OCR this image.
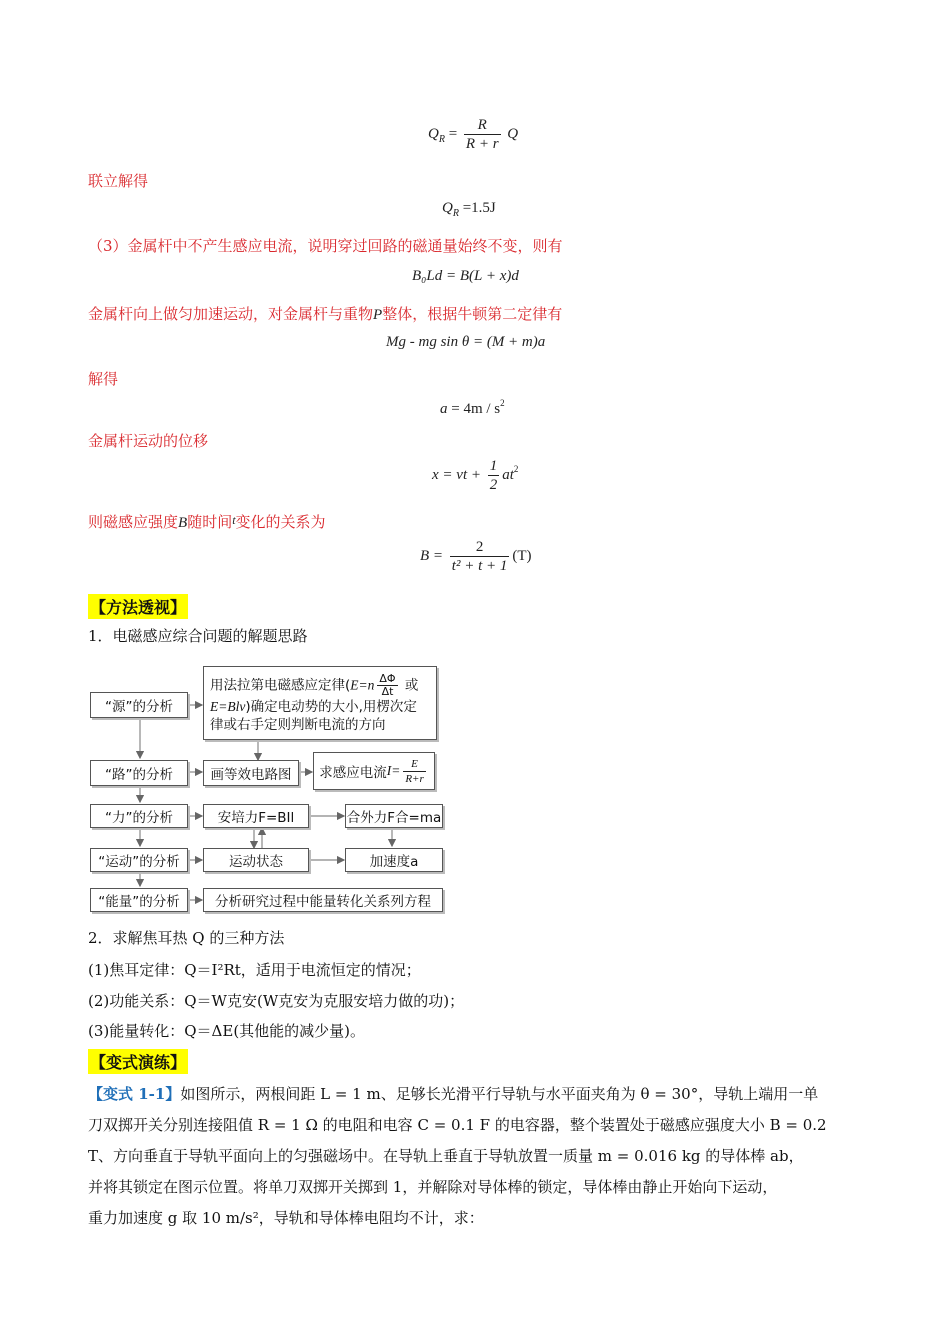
$Q_R = \frac{R}{R + r}$ Q
联立解得
$Q_R =1.5J$
（3）金属杆中不产生感应电流，说明穿过回路的磁通量始终不变，则有
B₀Ld = B(L + x)d
金属杆向上做匀加速运动，对金属杆与重物P整体，根据牛顿第二定律有
Mg - mg sin θ = (M + m)a
解得
$a = 4m / s^2$
金属杆运动的位移
x = vt + $\frac{1}{2} at^2$
则磁感应强度B随时间$^t$变化的关系为
$B = \frac{2}{\text{t² + t + 1}} (T)$
【方法透视】
1．电磁感应综合问题的解题思路
“源”的分析
用法拉第电磁感应定律($E=n \frac{\Delta\Phi}{\Delta t}$ 或
E=Blv)确定电动势的大小,用楞次定
律或右手定则判断电流的方向
“路”的分析	画等效电路图	求感应电流 $I= \frac{E}{R+r}$
“力”的分析	安培力F=BIl	合外力F合=ma
“运动”的分析	运动状态	加速度a
“能量”的分析	分析研究过程中能量转化关系列方程
2．求解焦耳热 Q 的三种方法
(1)焦耳定律：Q＝I²Rt，适用于电流恒定的情况；
(2)功能关系：Q＝W克安(W克安为克服安培力做的功)；
(3)能量转化：Q＝ΔE(其他能的减少量)。
【变式演练】
【变式 1-1】如图所示，两根间距 L = 1 m、足够长光滑平行导轨与水平面夹角为 θ = 30°，导轨上端用一单
刀双掷开关分别连接阻值 R = 1 Ω 的电阻和电容 C = 0.1 F 的电容器，整个装置处于磁感应强度大小 B = 0.2
T、方向垂直于导轨平面向上的匀强磁场中。在导轨上垂直于导轨放置一质量 m = 0.016 kg 的导体棒 ab，
并将其锁定在图示位置。将单刀双掷开关掷到 1，并解除对导体棒的锁定，导体棒由静止开始向下运动，
重力加速度 g 取 10 m/s²，导轨和导体棒电阻均不计，求：
